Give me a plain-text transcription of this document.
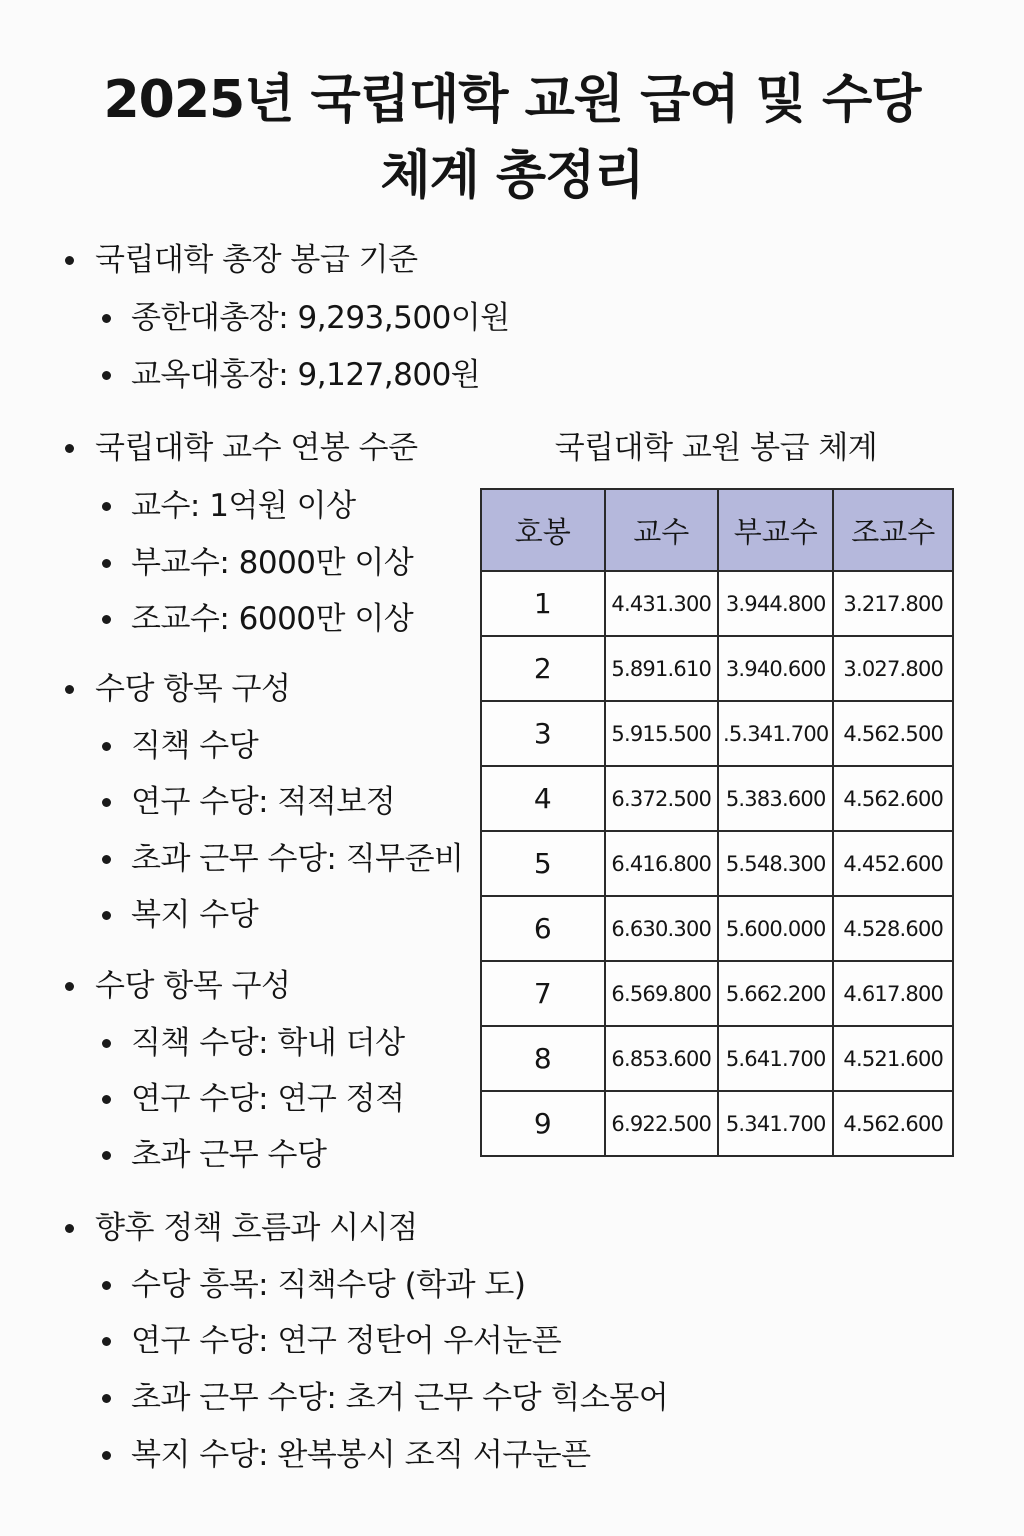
2025년 국립대학 교원 급여 및 수당
체계 총정리
국립대학 총장 봉급 기준
종한대총장: 9,293,500이원
교옥대홍장: 9,127,800원
국립대학 교수 연봉 수준
교수: 1억원 이상
부교수: 8000만 이상
조교수: 6000만 이상
수당 항목 구성
직책 수당
연구 수당: 적적보정
초과 근무 수당: 직무준비
복지 수당
수당 항목 구성
직책 수당: 학내 더상
연구 수당: 연구 정적
초과 근무 수당
향후 정책 흐름과 시시점
수당 흥목: 직책수당 (학과 도)
연구 수당: 연구 정탄어 우서눈픈
초과 근무 수당: 초거 근무 수당 힉소몽어
복지 수당: 완복봉시 조직 서구눈픈
국립대학 교원 봉급 체계
호봉	교수	부교수	조교수
1	4.431.300	3.944.800	3.217.800
2	5.891.610	3.940.600	3.027.800
3	5.915.500	.5.341.700	4.562.500
4	6.372.500	5.383.600	4.562.600
5	6.416.800	5.548.300	4.452.600
6	6.630.300	5.600.000	4.528.600
7	6.569.800	5.662.200	4.617.800
8	6.853.600	5.641.700	4.521.600
9	6.922.500	5.341.700	4.562.600
